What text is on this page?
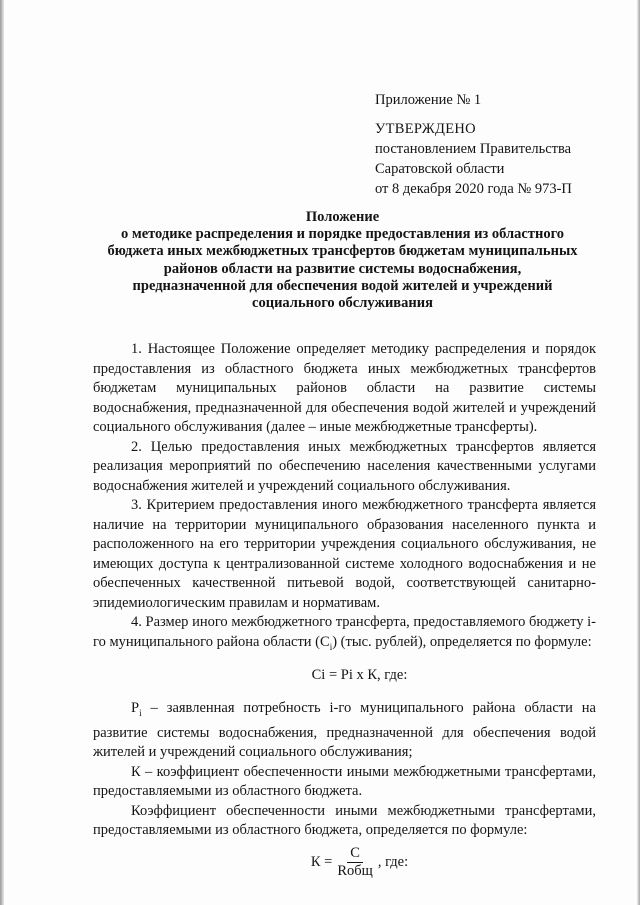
Приложение № 1
УТВЕРЖДЕНО
постановлением Правительства
Саратовской области
от 8 декабря 2020 года № 973-П
Положение
о методике распределения и порядке предоставления из областного
бюджета иных межбюджетных трансфертов бюджетам муниципальных
районов области на развитие системы водоснабжения,
предназначенной для обеспечения водой жителей и учреждений
социального обслуживания

1. Настоящее Положение определяет методику распределения и порядок предоставления из областного бюджета иных межбюджетных трансфертов бюджетам муниципальных районов области на развитие системы водоснабжения, предназначенной для обеспечения водой жителей и учреждений социального обслуживания (далее – иные межбюджетные трансферты).

2. Целью предоставления иных межбюджетных трансфертов является реализация мероприятий по обеспечению населения качественными услугами водоснабжения жителей и учреждений социального обслуживания.

3. Критерием предоставления иного межбюджетного трансферта является наличие на территории муниципального образования населенного пункта и расположенного на его территории учреждения социального обслуживания, не имеющих доступа к централизованной системе холодного водоснабжения и не обеспеченных качественной питьевой водой, соответствующей санитарно-эпидемиологическим правилам и нормативам.

4. Размер иного межбюджетного трансферта, предоставляемого бюджету i-го муниципального района области $(C_i)$ (тыс. рублей), определяется по формуле:

Ci = Pi х К, где:

$P_i$ – заявленная потребность i-го муниципального района области на развитие системы водоснабжения, предназначенной для обеспечения водой жителей и учреждений социального обслуживания;

К – коэффициент обеспеченности иными межбюджетными трансфертами, предоставляемыми из областного бюджета.

Коэффициент обеспеченности иными межбюджетными трансфертами, предоставляемыми из областного бюджета, определяется по формуле:

$К = \frac{С}{\text{Rобщ}}$ , где:
